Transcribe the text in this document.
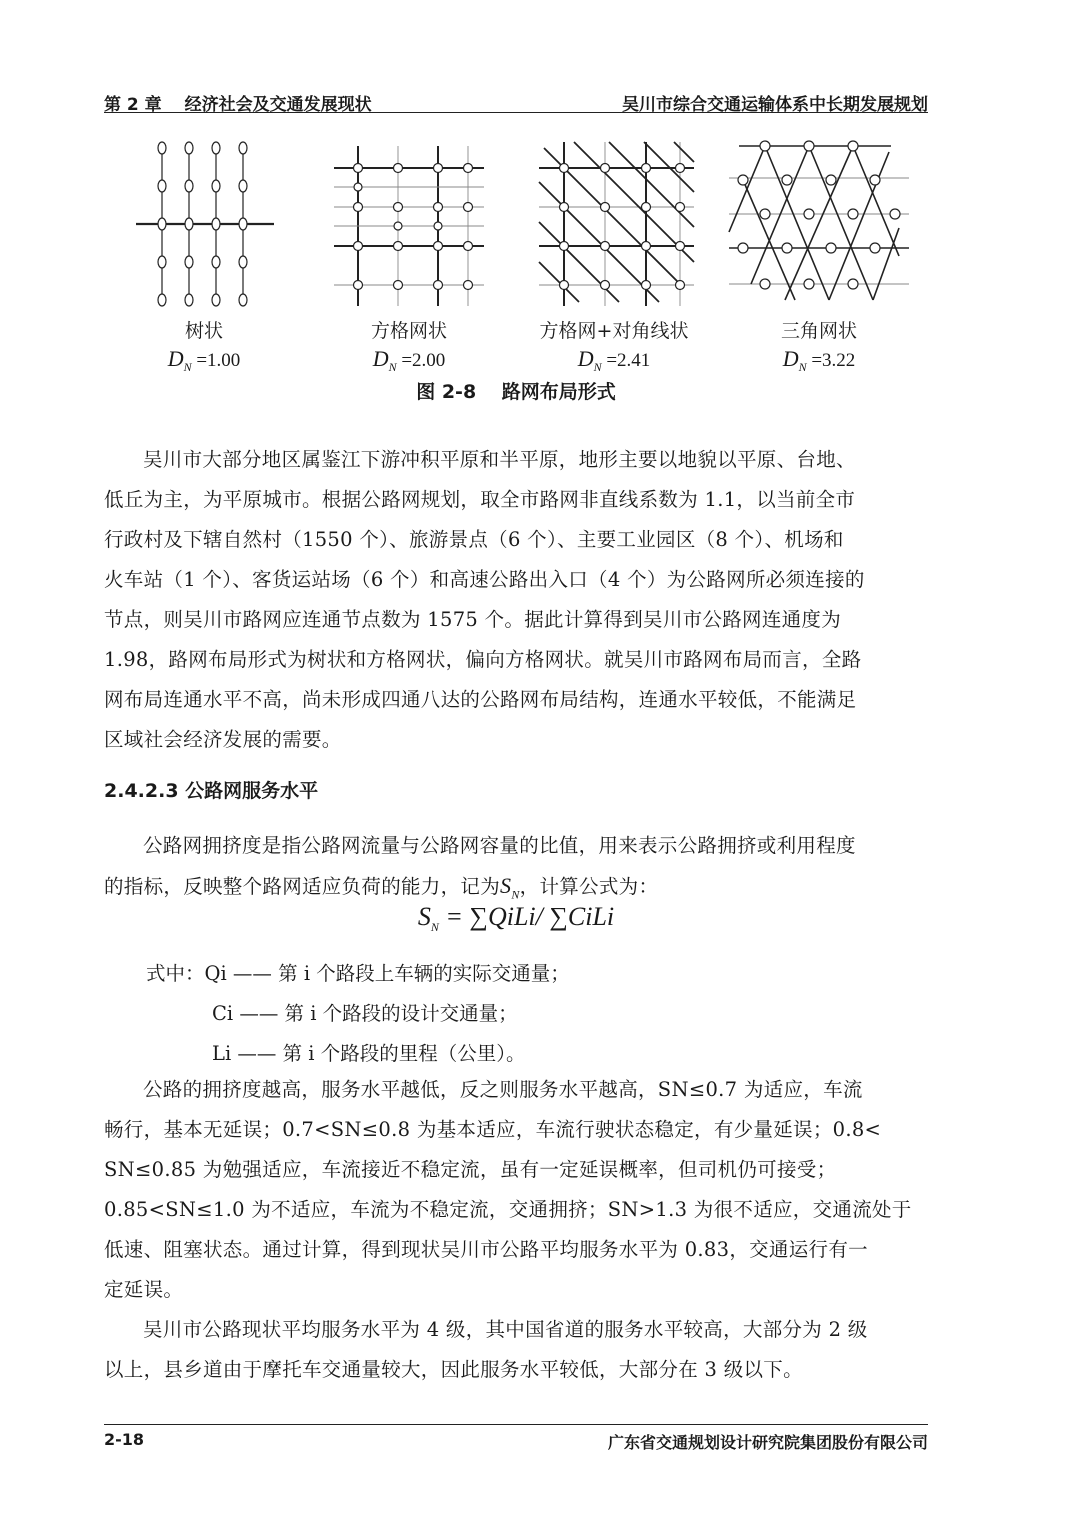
第 2 章　 经济社会及交通发展现状	吴川市综合交通运输体系中长期发展规划
树状	方格网状	方格网+对角线状	三角网状
$D_N =1.00$	$D_N =2.00$	$D_N =2.41$	$D_N =3.22$
图 2-8　 路网布局形式
吴川市大部分地区属鉴江下游冲积平原和半平原，地形主要以地貌以平原、台地、
低丘为主，为平原城市。根据公路网规划，取全市路网非直线系数为 1.1，以当前全市
行政村及下辖自然村（1550 个）、旅游景点（6 个）、主要工业园区（8 个）、机场和
火车站（1 个）、客货运站场（6 个）和高速公路出入口（4 个）为公路网所必须连接的
节点，则吴川市路网应连通节点数为 1575 个。据此计算得到吴川市公路网连通度为
1.98，路网布局形式为树状和方格网状，偏向方格网状。就吴川市路网布局而言，全路
网布局连通水平不高，尚未形成四通八达的公路网布局结构，连通水平较低，不能满足
区域社会经济发展的需要。
2.4.2.3 公路网服务水平
公路网拥挤度是指公路网流量与公路网容量的比值，用来表示公路拥挤或利用程度
的指标，反映整个路网适应负荷的能力，记为$S_N$，计算公式为：
$S_N$ = ∑QiLi/ ∑CiLi
式中：Qi —— 第 i 个路段上车辆的实际交通量；
Ci —— 第 i 个路段的设计交通量；
Li —— 第 i 个路段的里程（公里）。
公路的拥挤度越高，服务水平越低，反之则服务水平越高，SN≤0.7 为适应，车流
畅行，基本无延误；0.7<SN≤0.8 为基本适应，车流行驶状态稳定，有少量延误；0.8<
SN≤0.85 为勉强适应，车流接近不稳定流，虽有一定延误概率，但司机仍可接受；
0.85<SN≤1.0 为不适应，车流为不稳定流，交通拥挤；SN>1.3 为很不适应，交通流处于
低速、阻塞状态。通过计算，得到现状吴川市公路平均服务水平为 0.83，交通运行有一
定延误。
吴川市公路现状平均服务水平为 4 级，其中国省道的服务水平较高，大部分为 2 级
以上，县乡道由于摩托车交通量较大，因此服务水平较低，大部分在 3 级以下。
2-18	广东省交通规划设计研究院集团股份有限公司
